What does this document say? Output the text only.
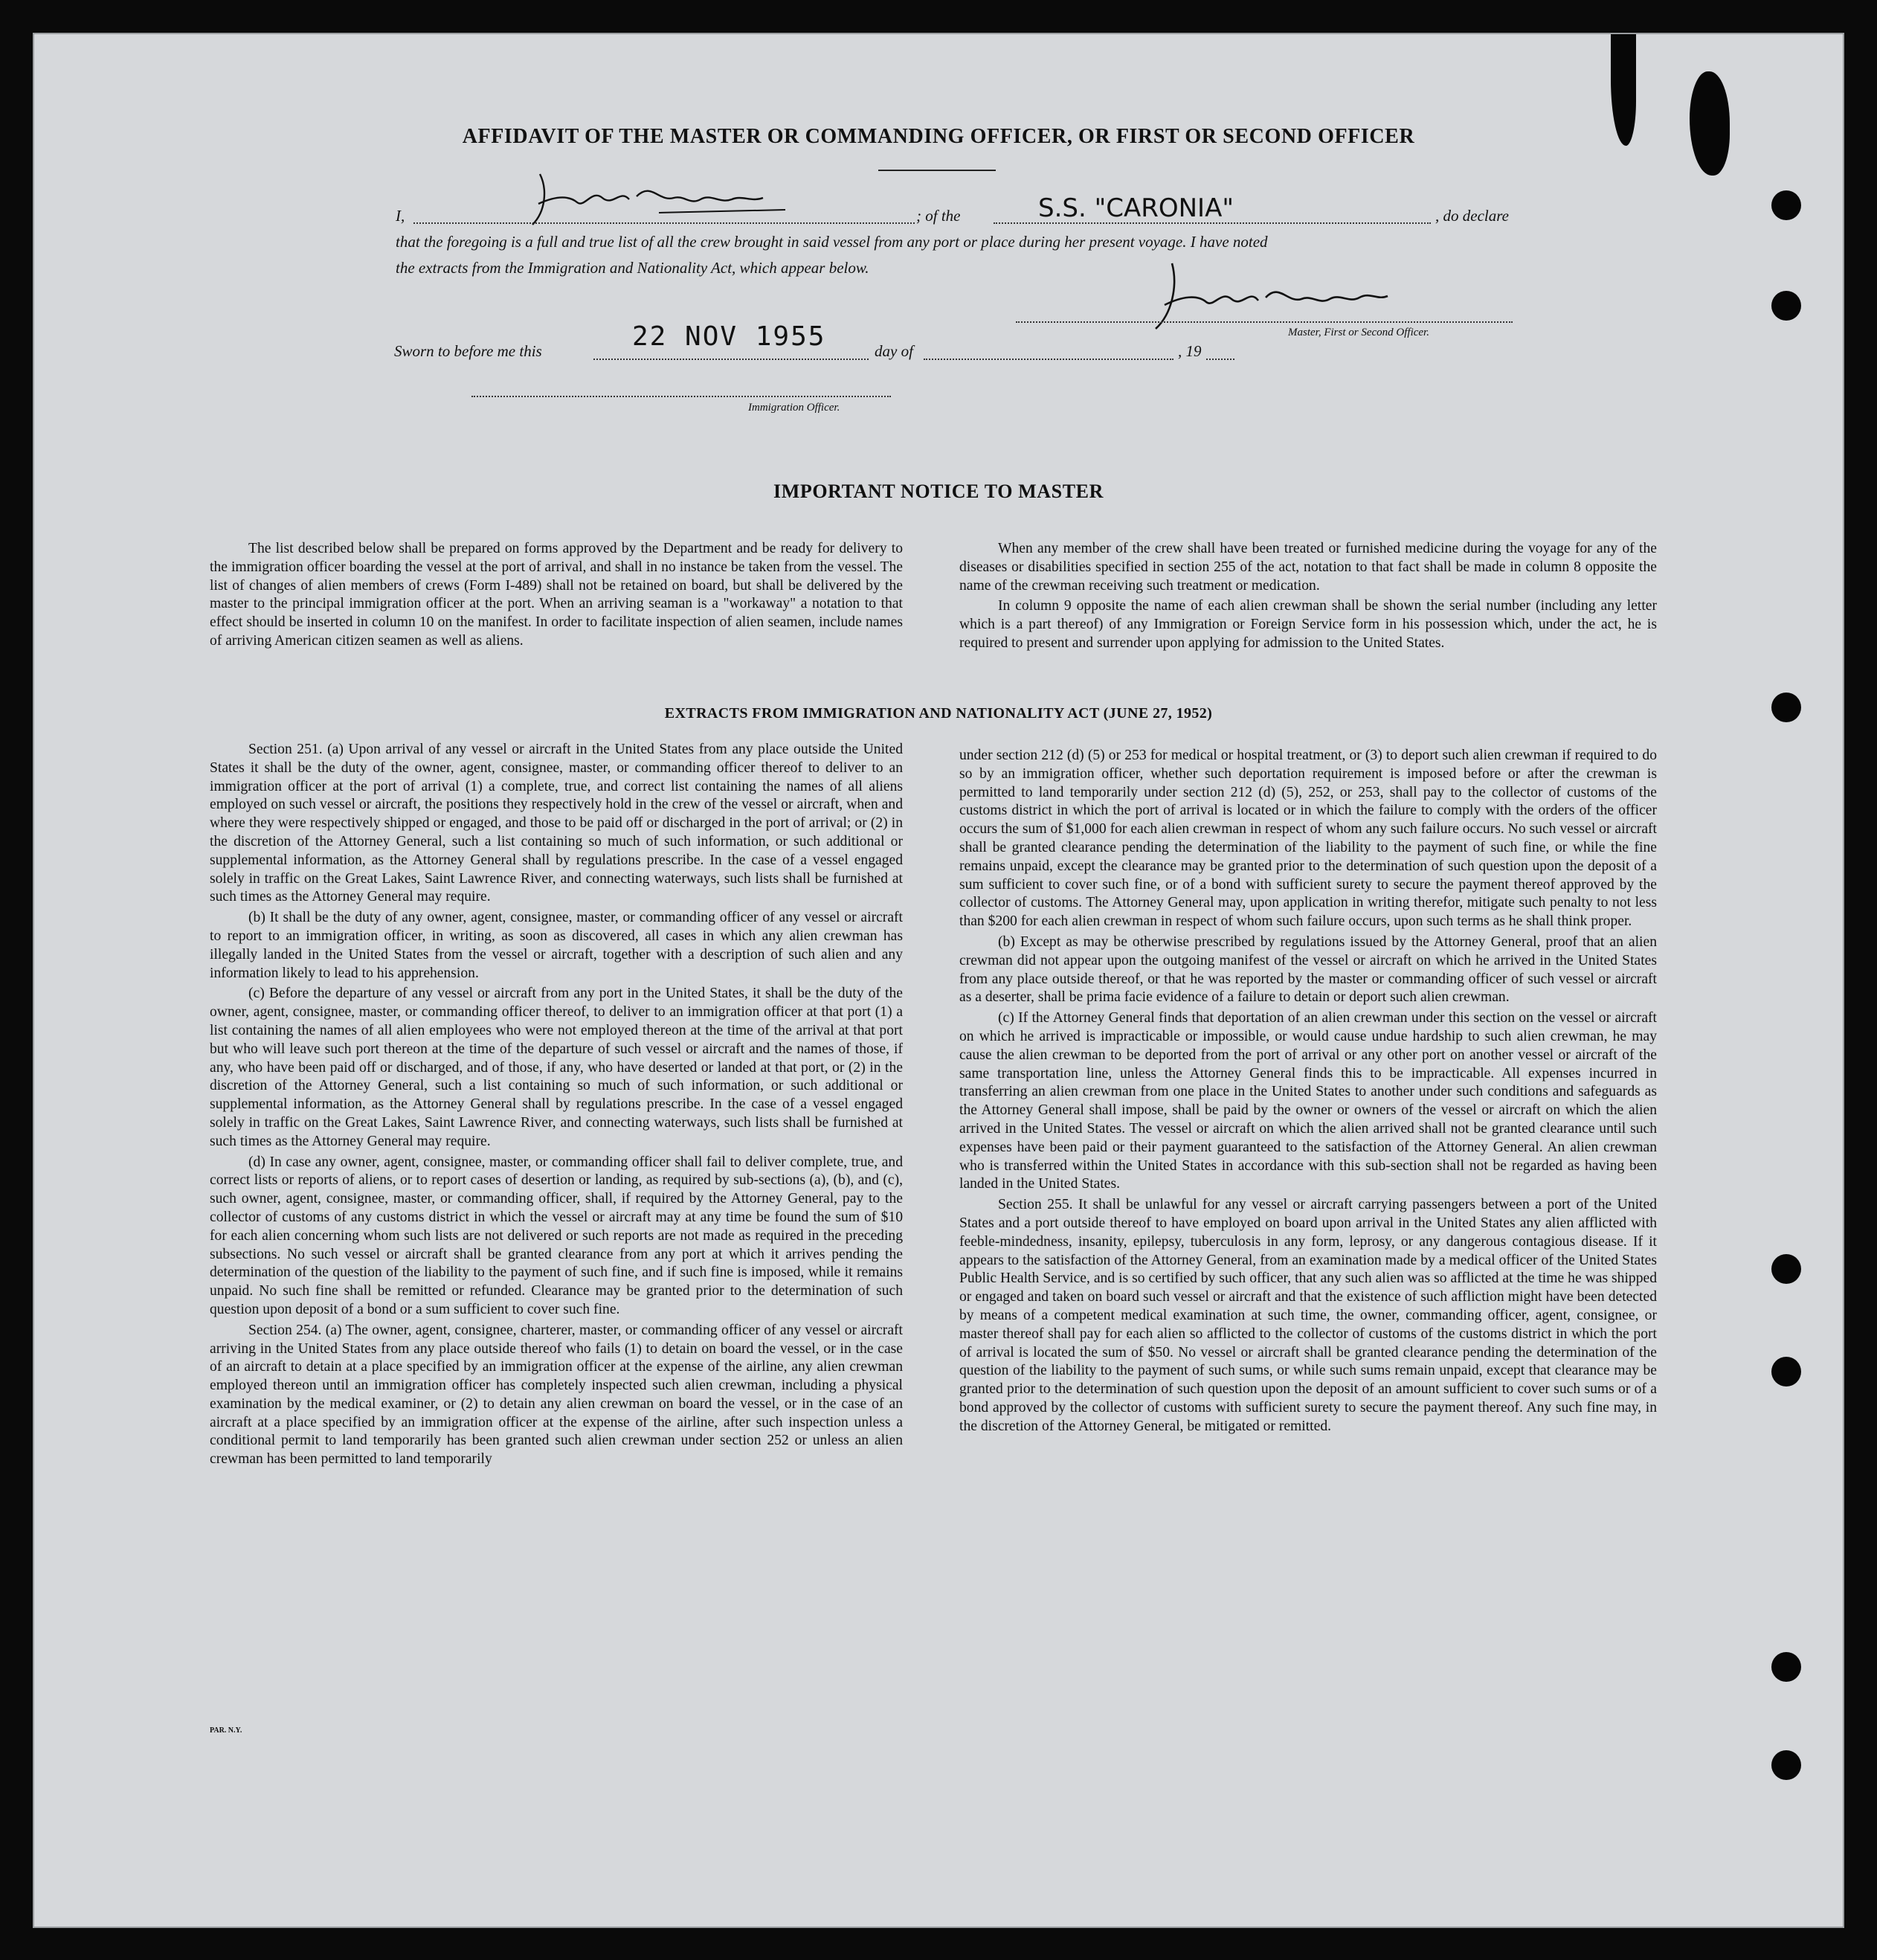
AFFIDAVIT OF THE MASTER OR COMMANDING OFFICER, OR FIRST OR SECOND OFFICER
I,	; of the	S.S. "CARONIA"	, do declare
that the foregoing is a full and true list of all the crew brought in said vessel from any port or place during her present voyage. I have noted
the extracts from the Immigration and Nationality Act, which appear below.
Master, First or Second Officer.
Sworn to before me this	22 NOV 1955	day of	, 19
Immigration Officer.
IMPORTANT NOTICE TO MASTER

The list described below shall be prepared on forms approved by the Department and be ready for delivery to the immigration officer boarding the vessel at the port of arrival, and shall in no instance be taken from the vessel. The list of changes of alien members of crews (Form I-489) shall not be retained on board, but shall be delivered by the master to the principal immigration officer at the port. When an arriving seaman is a "workaway" a notation to that effect should be inserted in column 10 on the manifest. In order to facilitate inspection of alien seamen, include names of arriving American citizen seamen as well as aliens.

When any member of the crew shall have been treated or furnished medicine during the voyage for any of the diseases or disabilities specified in section 255 of the act, notation to that fact shall be made in column 8 opposite the name of the crewman receiving such treatment or medication.

In column 9 opposite the name of each alien crewman shall be shown the serial number (including any letter which is a part thereof) of any Immigration or Foreign Service form in his possession which, under the act, he is required to present and surrender upon applying for admission to the United States.

EXTRACTS FROM IMMIGRATION AND NATIONALITY ACT (JUNE 27, 1952)

Section 251. (a) Upon arrival of any vessel or aircraft in the United States from any place outside the United States it shall be the duty of the owner, agent, consignee, master, or commanding officer thereof to deliver to an immigration officer at the port of arrival (1) a complete, true, and correct list containing the names of all aliens employed on such vessel or aircraft, the positions they respectively hold in the crew of the vessel or aircraft, when and where they were respectively shipped or engaged, and those to be paid off or discharged in the port of arrival; or (2) in the discretion of the Attorney General, such a list containing so much of such information, or such additional or supplemental information, as the Attorney General shall by regulations prescribe. In the case of a vessel engaged solely in traffic on the Great Lakes, Saint Lawrence River, and connecting waterways, such lists shall be furnished at such times as the Attorney General may require.

(b) It shall be the duty of any owner, agent, consignee, master, or commanding officer of any vessel or aircraft to report to an immigration officer, in writing, as soon as discovered, all cases in which any alien crewman has illegally landed in the United States from the vessel or aircraft, together with a description of such alien and any information likely to lead to his apprehension.

(c) Before the departure of any vessel or aircraft from any port in the United States, it shall be the duty of the owner, agent, consignee, master, or commanding officer thereof, to deliver to an immigration officer at that port (1) a list containing the names of all alien employees who were not employed thereon at the time of the arrival at that port but who will leave such port thereon at the time of the departure of such vessel or aircraft and the names of those, if any, who have been paid off or discharged, and of those, if any, who have deserted or landed at that port, or (2) in the discretion of the Attorney General, such a list containing so much of such information, or such additional or supplemental information, as the Attorney General shall by regulations prescribe. In the case of a vessel engaged solely in traffic on the Great Lakes, Saint Lawrence River, and connecting waterways, such lists shall be furnished at such times as the Attorney General may require.

(d) In case any owner, agent, consignee, master, or commanding officer shall fail to deliver complete, true, and correct lists or reports of aliens, or to report cases of desertion or landing, as required by sub-sections (a), (b), and (c), such owner, agent, consignee, master, or commanding officer, shall, if required by the Attorney General, pay to the collector of customs of any customs district in which the vessel or aircraft may at any time be found the sum of $10 for each alien concerning whom such lists are not delivered or such reports are not made as required in the preceding subsections. No such vessel or aircraft shall be granted clearance from any port at which it arrives pending the determination of the question of the liability to the payment of such fine, and if such fine is imposed, while it remains unpaid. No such fine shall be remitted or refunded. Clearance may be granted prior to the determination of such question upon deposit of a bond or a sum sufficient to cover such fine.

Section 254. (a) The owner, agent, consignee, charterer, master, or commanding officer of any vessel or aircraft arriving in the United States from any place outside thereof who fails (1) to detain on board the vessel, or in the case of an aircraft to detain at a place specified by an immigration officer at the expense of the airline, any alien crewman employed thereon until an immigration officer has completely inspected such alien crewman, including a physical examination by the medical examiner, or (2) to detain any alien crewman on board the vessel, or in the case of an aircraft at a place specified by an immigration officer at the expense of the airline, after such inspection unless a conditional permit to land temporarily has been granted such alien crewman under section 252 or unless an alien crewman has been permitted to land temporarily

under section 212 (d) (5) or 253 for medical or hospital treatment, or (3) to deport such alien crewman if required to do so by an immigration officer, whether such deportation requirement is imposed before or after the crewman is permitted to land temporarily under section 212 (d) (5), 252, or 253, shall pay to the collector of customs of the customs district in which the port of arrival is located or in which the failure to comply with the orders of the officer occurs the sum of $1,000 for each alien crewman in respect of whom any such failure occurs. No such vessel or aircraft shall be granted clearance pending the determination of the liability to the payment of such fine, or while the fine remains unpaid, except the clearance may be granted prior to the determination of such question upon the deposit of a sum sufficient to cover such fine, or of a bond with sufficient surety to secure the payment thereof approved by the collector of customs. The Attorney General may, upon application in writing therefor, mitigate such penalty to not less than $200 for each alien crewman in respect of whom such failure occurs, upon such terms as he shall think proper.

(b) Except as may be otherwise prescribed by regulations issued by the Attorney General, proof that an alien crewman did not appear upon the outgoing manifest of the vessel or aircraft on which he arrived in the United States from any place outside thereof, or that he was reported by the master or commanding officer of such vessel or aircraft as a deserter, shall be prima facie evidence of a failure to detain or deport such alien crewman.

(c) If the Attorney General finds that deportation of an alien crewman under this section on the vessel or aircraft on which he arrived is impracticable or impossible, or would cause undue hardship to such alien crewman, he may cause the alien crewman to be deported from the port of arrival or any other port on another vessel or aircraft of the same transportation line, unless the Attorney General finds this to be impracticable. All expenses incurred in transferring an alien crewman from one place in the United States to another under such conditions and safeguards as the Attorney General shall impose, shall be paid by the owner or owners of the vessel or aircraft on which the alien arrived in the United States. The vessel or aircraft on which the alien arrived shall not be granted clearance until such expenses have been paid or their payment guaranteed to the satisfaction of the Attorney General. An alien crewman who is transferred within the United States in accordance with this sub-section shall not be regarded as having been landed in the United States.

Section 255. It shall be unlawful for any vessel or aircraft carrying passengers between a port of the United States and a port outside thereof to have employed on board upon arrival in the United States any alien afflicted with feeble-mindedness, insanity, epilepsy, tuberculosis in any form, leprosy, or any dangerous contagious disease. If it appears to the satisfaction of the Attorney General, from an examination made by a medical officer of the United States Public Health Service, and is so certified by such officer, that any such alien was so afflicted at the time he was shipped or engaged and taken on board such vessel or aircraft and that the existence of such affliction might have been detected by means of a competent medical examination at such time, the owner, commanding officer, agent, consignee, or master thereof shall pay for each alien so afflicted to the collector of customs of the customs district in which the port of arrival is located the sum of $50. No vessel or aircraft shall be granted clearance pending the determination of the question of the liability to the payment of such sums, or while such sums remain unpaid, except that clearance may be granted prior to the determination of such question upon the deposit of an amount sufficient to cover such sums or of a bond approved by the collector of customs with sufficient surety to secure the payment thereof. Any such fine may, in the discretion of the Attorney General, be mitigated or remitted.

PAR. N.Y.
